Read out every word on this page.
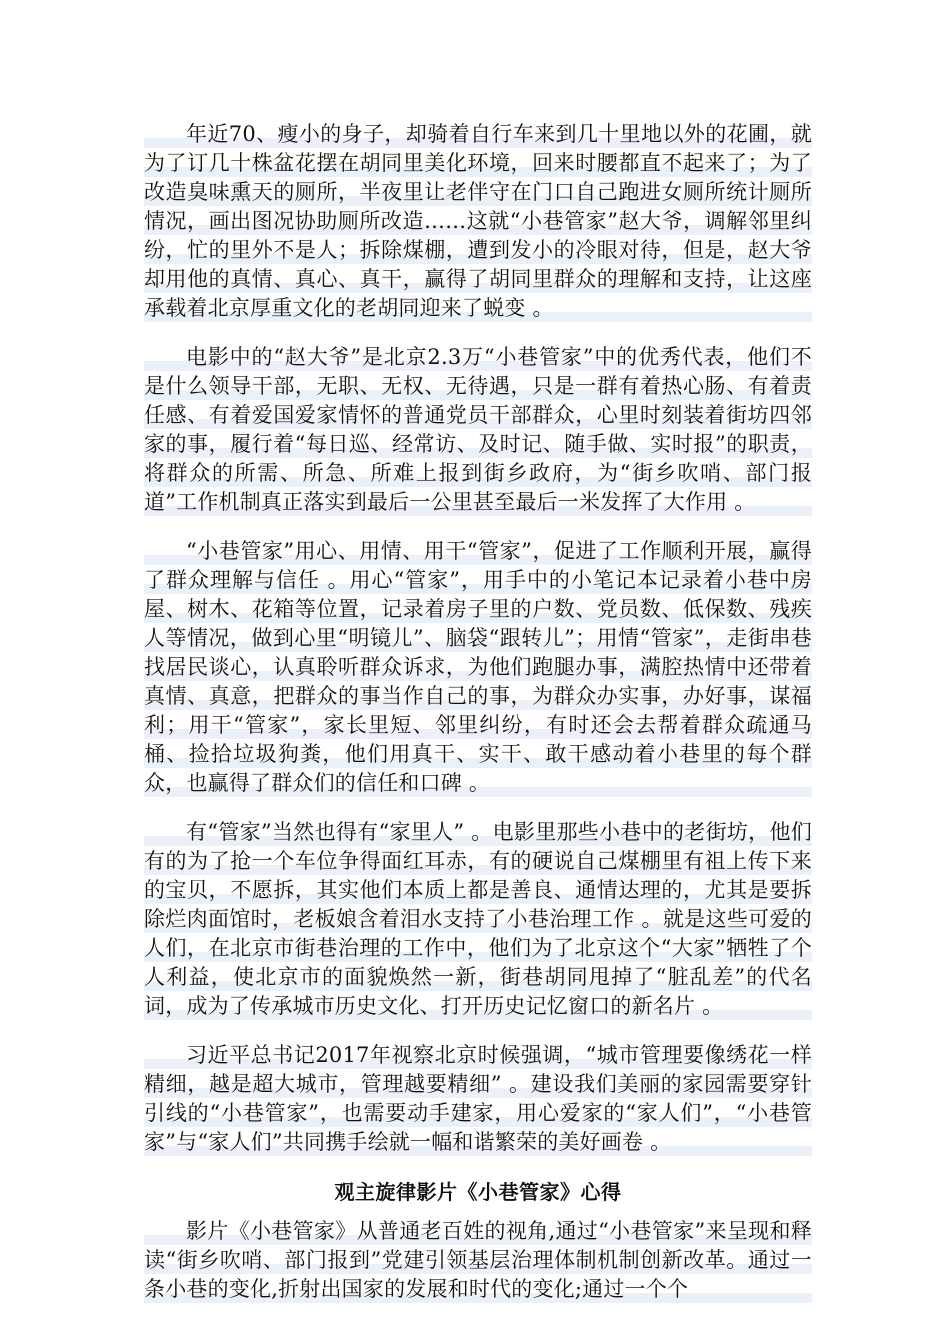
年近70、瘦小的身子，却骑着自行车来到几十里地以外的花圃，就为了订几十株盆花摆在胡同里美化环境，回来时腰都直不起来了；为了改造臭味熏天的厕所，半夜里让老伴守在门口自己跑进女厕所统计厕所情况，画出图况协助厕所改造……这就“小巷管家”赵大爷，调解邻里纠纷，忙的里外不是人；拆除煤棚，遭到发小的冷眼对待，但是，赵大爷却用他的真情、真心、真干，赢得了胡同里群众的理解和支持，让这座承载着北京厚重文化的老胡同迎来了蜕变 。

电影中的“赵大爷”是北京2.3万“小巷管家”中的优秀代表，他们不是什么领导干部，无职、无权、无待遇，只是一群有着热心肠、有着责任感、有着爱国爱家情怀的普通党员干部群众，心里时刻装着街坊四邻家的事，履行着“每日巡、经常访、及时记、随手做、实时报”的职责，将群众的所需、所急、所难上报到街乡政府，为“街乡吹哨、部门报道”工作机制真正落实到最后一公里甚至最后一米发挥了大作用 。

“小巷管家”用心、用情、用干“管家”，促进了工作顺利开展，赢得了群众理解与信任 。用心“管家”，用手中的小笔记本记录着小巷中房屋、树木、花箱等位置，记录着房子里的户数、党员数、低保数、残疾人等情况，做到心里“明镜儿”、脑袋“跟转儿”；用情“管家”，走街串巷找居民谈心，认真聆听群众诉求，为他们跑腿办事，满腔热情中还带着真情、真意，把群众的事当作自己的事，为群众办实事，办好事，谋福利；用干“管家”，家长里短、邻里纠纷，有时还会去帮着群众疏通马桶、捡拾垃圾狗粪，他们用真干、实干、敢干感动着小巷里的每个群众，也赢得了群众们的信任和口碑 。

有“管家”当然也得有“家里人” 。电影里那些小巷中的老街坊，他们有的为了抢一个车位争得面红耳赤，有的硬说自己煤棚里有祖上传下来的宝贝，不愿拆，其实他们本质上都是善良、通情达理的，尤其是要拆除烂肉面馆时，老板娘含着泪水支持了小巷治理工作 。就是这些可爱的人们，在北京市街巷治理的工作中，他们为了北京这个“大家”牺牲了个人利益，使北京市的面貌焕然一新，街巷胡同甩掉了“脏乱差”的代名词，成为了传承城市历史文化、打开历史记忆窗口的新名片 。

习近平总书记2017年视察北京时候强调，“城市管理要像绣花一样精细，越是超大城市，管理越要精细” 。建设我们美丽的家园需要穿针引线的“小巷管家”，也需要动手建家，用心爱家的“家人们”，“小巷管家”与“家人们”共同携手绘就一幅和谐繁荣的美好画卷 。

观主旋律影片《小巷管家》心得

影片《小巷管家》从普通老百姓的视角,通过“小巷管家”来呈现和释读“街乡吹哨、部门报到”党建引领基层治理体制机制创新改革。通过一条小巷的变化,折射出国家的发展和时代的变化;通过一个个
